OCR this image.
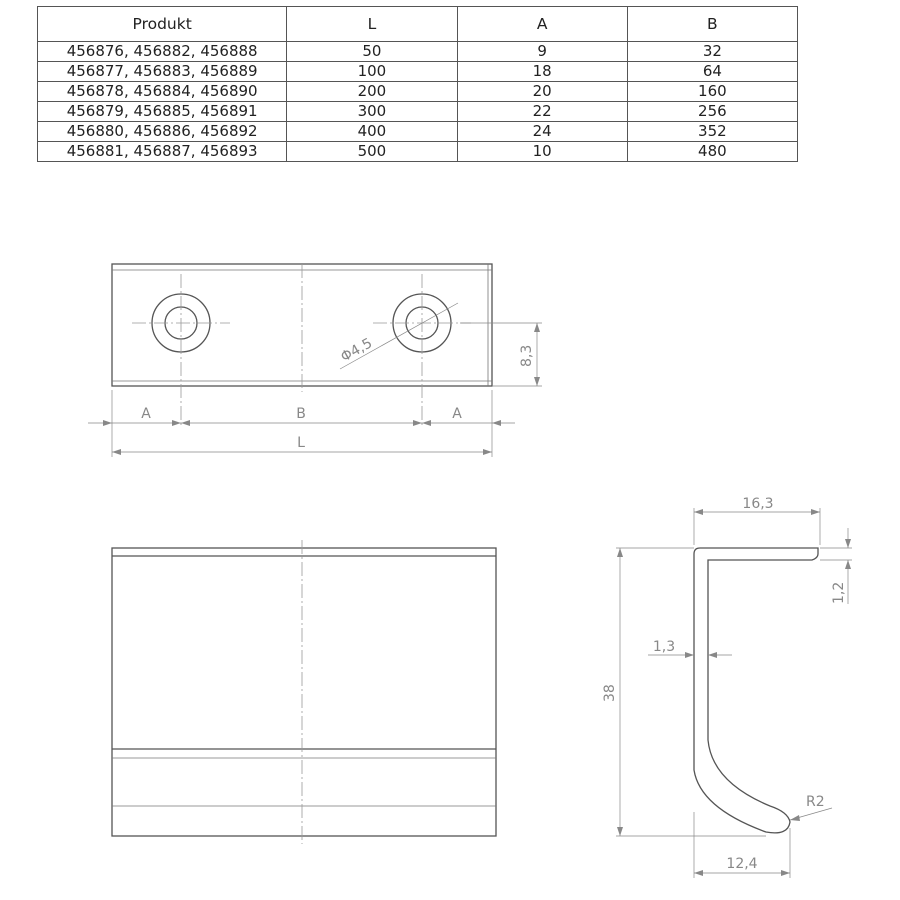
Produkt	L	A	B
456876, 456882, 456888	50	9	32
456877, 456883, 456889	100	18	64
456878, 456884, 456890	200	20	160
456879, 456885, 456891	300	22	256
456880, 456886, 456892	400	24	352
456881, 456887, 456893	500	10	480
Φ4,5	8,3
A	B	A
L
16,3
1,2
1,3
38
R2
12,4
